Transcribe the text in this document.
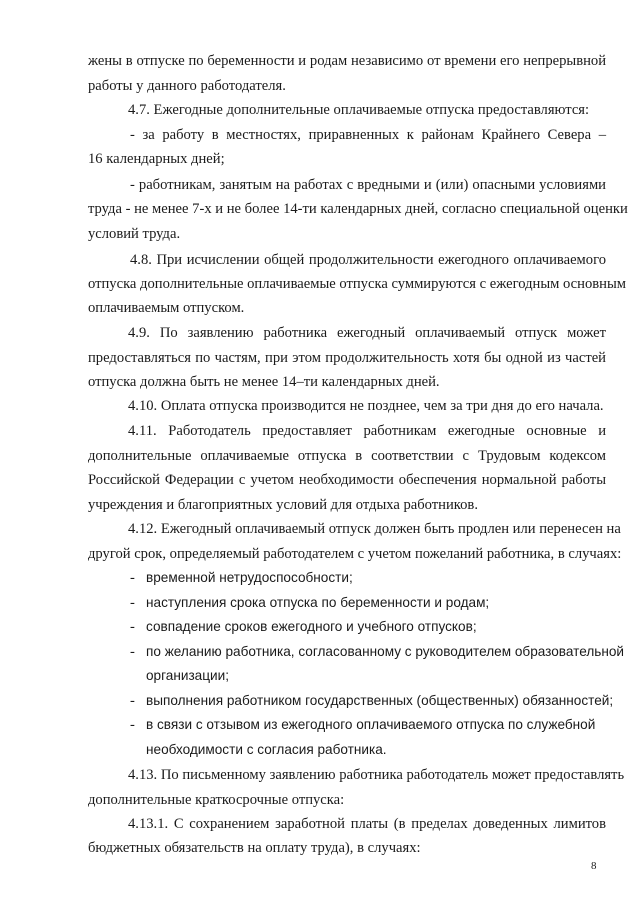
жены в отпуске по беременности и родам независимо от времени его непрерывной
работы у данного работодателя.
4.7. Ежегодные дополнительные оплачиваемые отпуска предоставляются:
- за работу в местностях, приравненных к районам Крайнего Севера –
16 календарных дней;
- работникам, занятым на работах с вредными и (или) опасными условиями
труда - не менее 7-х и не более 14-ти календарных дней, согласно специальной оценки
условий труда.
4.8. При исчислении общей продолжительности ежегодного оплачиваемого
отпуска дополнительные оплачиваемые отпуска суммируются с ежегодным основным
оплачиваемым отпуском.
4.9. По заявлению работника ежегодный оплачиваемый отпуск может
предоставляться по частям, при этом продолжительность хотя бы одной из частей
отпуска должна быть не менее 14–ти календарных дней.
4.10. Оплата отпуска производится не позднее, чем за три дня до его начала.
4.11. Работодатель предоставляет работникам ежегодные основные и
дополнительные оплачиваемые отпуска в соответствии с Трудовым кодексом
Российской Федерации с учетом необходимости обеспечения нормальной работы
учреждения и благоприятных условий для отдыха работников.
4.12. Ежегодный оплачиваемый отпуск должен быть продлен или перенесен на
другой срок, определяемый работодателем с учетом пожеланий работника, в случаях:
- временной нетрудоспособности;
- наступления срока отпуска по беременности и родам;
- совпадение сроков ежегодного и учебного отпусков;
- по желанию работника, согласованному с руководителем образовательной
организации;
- выполнения работником государственных (общественных) обязанностей;
- в связи с отзывом из ежегодного оплачиваемого отпуска по служебной
необходимости с согласия работника.
4.13. По письменному заявлению работника работодатель может предоставлять
дополнительные краткосрочные отпуска:
4.13.1. С сохранением заработной платы (в пределах доведенных лимитов
бюджетных обязательств на оплату труда), в случаях:
8
